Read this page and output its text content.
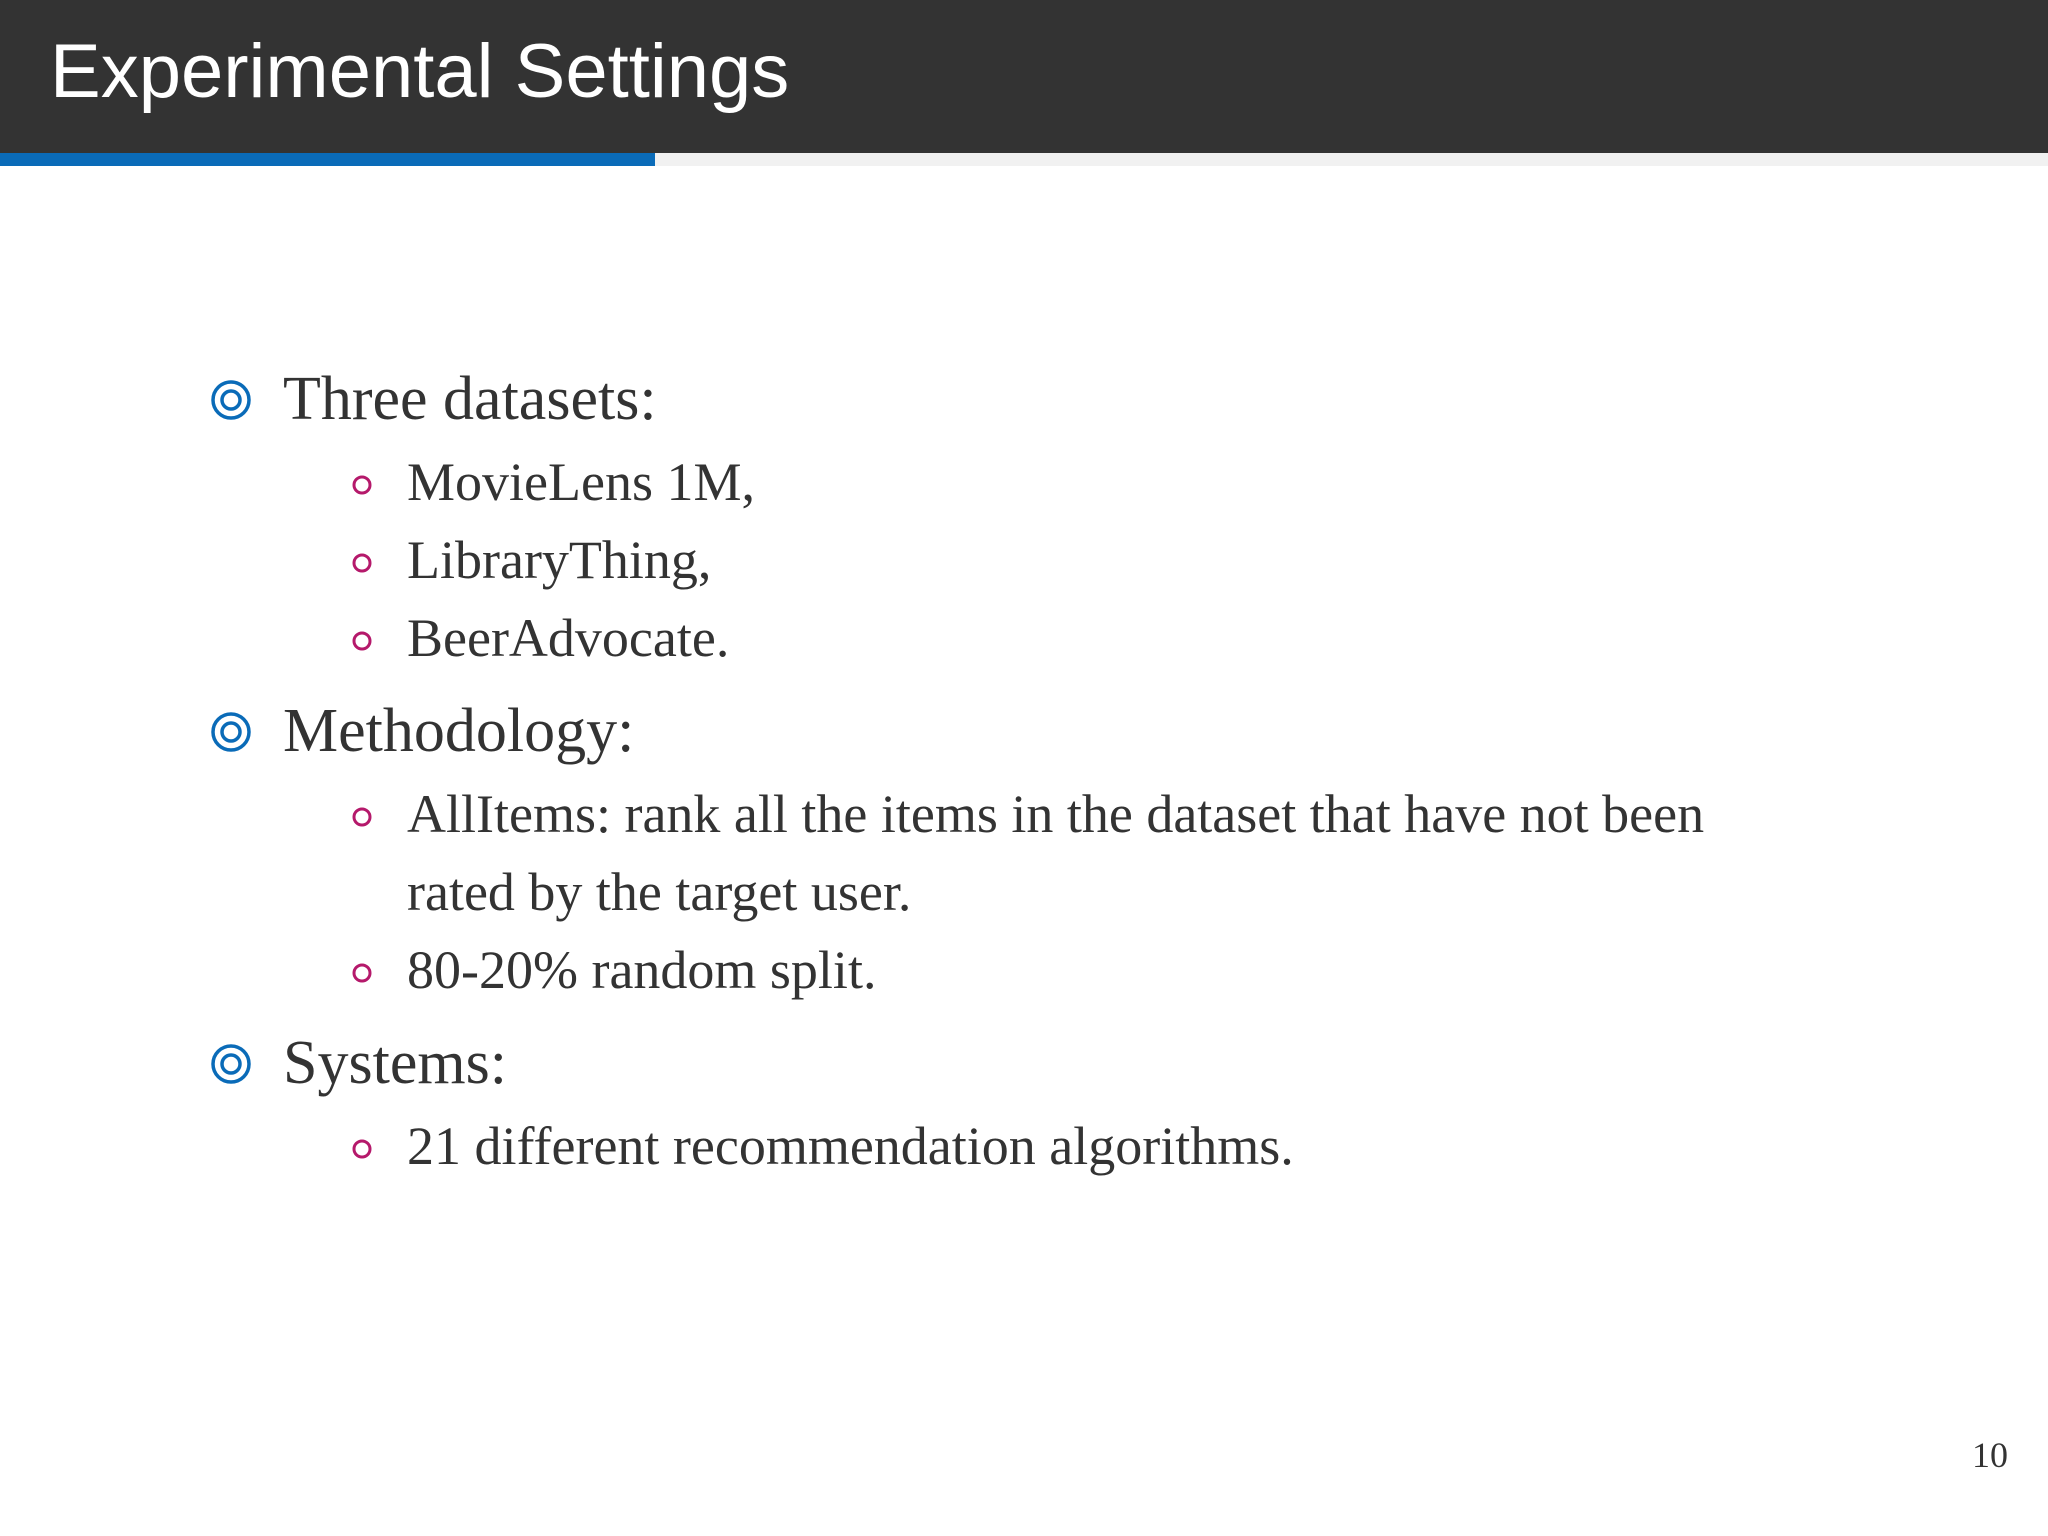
Experimental Settings
Three datasets:
MovieLens 1M,
LibraryThing,
BeerAdvocate.
Methodology:
AllItems: rank all the items in the dataset that have not been rated by the target user.
80-20% random split.
Systems:
21 different recommendation algorithms.
10
